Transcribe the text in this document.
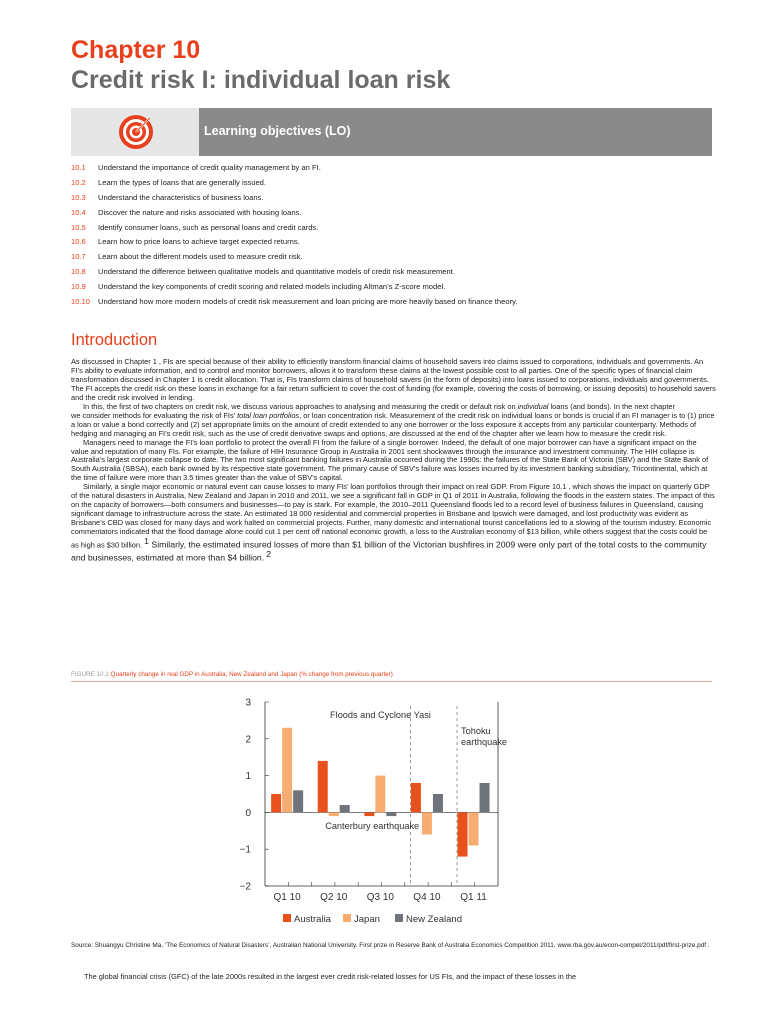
Chapter 10
Credit risk I: individual loan risk
Learning objectives (LO)
10.1 Understand the importance of credit quality management by an FI.
10.2 Learn the types of loans that are generally issued.
10.3 Understand the characteristics of business loans.
10.4 Discover the nature and risks associated with housing loans.
10.5 Identify consumer loans, such as personal loans and credit cards.
10.6 Learn how to price loans to achieve target expected returns.
10.7 Learn about the different models used to measure credit risk.
10.8 Understand the difference between qualitative models and quantitative models of credit risk measurement.
10.9 Understand the key components of credit scoring and related models including Altman’s Z-score model.
10.10 Understand how more modern models of credit risk measurement and loan pricing are more heavily based on finance theory.
Introduction

As discussed in Chapter 1 , FIs are special because of their ability to efficiently transform financial claims of household savers into claims issued to corporations, individuals and governments. An FI’s ability to evaluate information, and to control and monitor borrowers, allows it to transform these claims at the lowest possible cost to all parties. One of the specific types of financial claim transformation discussed in Chapter 1 is credit allocation. That is, FIs transform claims of household savers (in the form of deposits) into loans issued to corporations, individuals and governments. The FI accepts the credit risk on these loans in exchange for a fair return sufficient to cover the cost of funding (for example, covering the costs of borrowing, or issuing deposits) to household savers and the credit risk involved in lending.

In this, the first of two chapters on credit risk, we discuss various approaches to analysing and measuring the credit or default risk on individual loans (and bonds). In the next chapter

we consider methods for evaluating the risk of FIs’ total loan portfolios, or loan concentration risk. Measurement of the credit risk on individual loans or bonds is crucial if an FI manager is to (1) price a loan or value a bond correctly and (2) set appropriate limits on the amount of credit extended to any one borrower or the loss exposure it accepts from any particular counterparty. Methods of hedging and managing an FI’s credit risk, such as the use of credit derivative swaps and options, are discussed at the end of the chapter after we learn how to measure the credit risk.

Managers need to manage the FI’s loan portfolio to protect the overall FI from the failure of a single borrower. Indeed, the default of one major borrower can have a significant impact on the value and reputation of many FIs. For example, the failure of HIH Insurance Group in Australia in 2001 sent shockwaves through the insurance and investment community. The HIH collapse is Australia’s largest corporate collapse to date. The two most significant banking failures in Australia occurred during the 1990s: the failures of the State Bank of Victoria (SBV) and the State Bank of South Australia (SBSA), each bank owned by its respective state government. The primary cause of SBV’s failure was losses incurred by its investment banking subsidiary, Tricontinental, which at the time of failure were more than 3.5 times greater than the value of SBV’s capital.

Similarly, a single major economic or natural event can cause losses to many FIs’ loan portfolios through their impact on real GDP. From Figure 10.1 , which shows the impact on quarterly GDP of the natural disasters in Australia, New Zealand and Japan in 2010 and 2011, we see a significant fall in GDP in Q1 of 2011 in Australia, following the floods in the eastern states. The impact of this on the capacity of borrowers—both consumers and businesses—to pay is stark. For example, the 2010–2011 Queensland floods led to a record level of business failures in Queensland, causing significant damage to infrastructure across the state. An estimated 18 000 residential and commercial properties in Brisbane and Ipswich were damaged, and lost productivity was evident as Brisbane’s CBD was closed for many days and work halted on commercial projects. Further, many domestic and international tourist cancellations led to a slowing of the tourism industry. Economic commentators indicated that the flood damage alone could cut 1 per cent off national economic growth, a loss to the Australian economy of $13 billion, while others suggest that the costs could be as high as $30 billion. $^1$ Similarly, the estimated insured losses of more than $1 billion of the Victorian bushfires in 2009 were only part of the total costs to the community and businesses, estimated at more than $4 billion. $^2$

FIGURE 10.1 Quarterly change in real GDP in Australia, New Zealand and Japan (% change from previous quarter)
3
2
1
0
−1
−2
Floods and Cyclone Yasi
Tohoku
earthquake
Canterbury earthquake
Q1 10 Q2 10 Q3 10 Q4 10 Q1 11
Australia Japan	New Zealand
Source: Shuangyu Christine Ma, ‘The Economics of Natural Disasters’, Australian National University. First prize in Reserve Bank of Australia Economics Competition 2011, www.rba.gov.au/econ-compet/2011/pdf/first-prize.pdf .
The global financial crisis (GFC) of the late 2000s resulted in the largest ever credit risk-related losses for US FIs, and the impact of these losses in the
